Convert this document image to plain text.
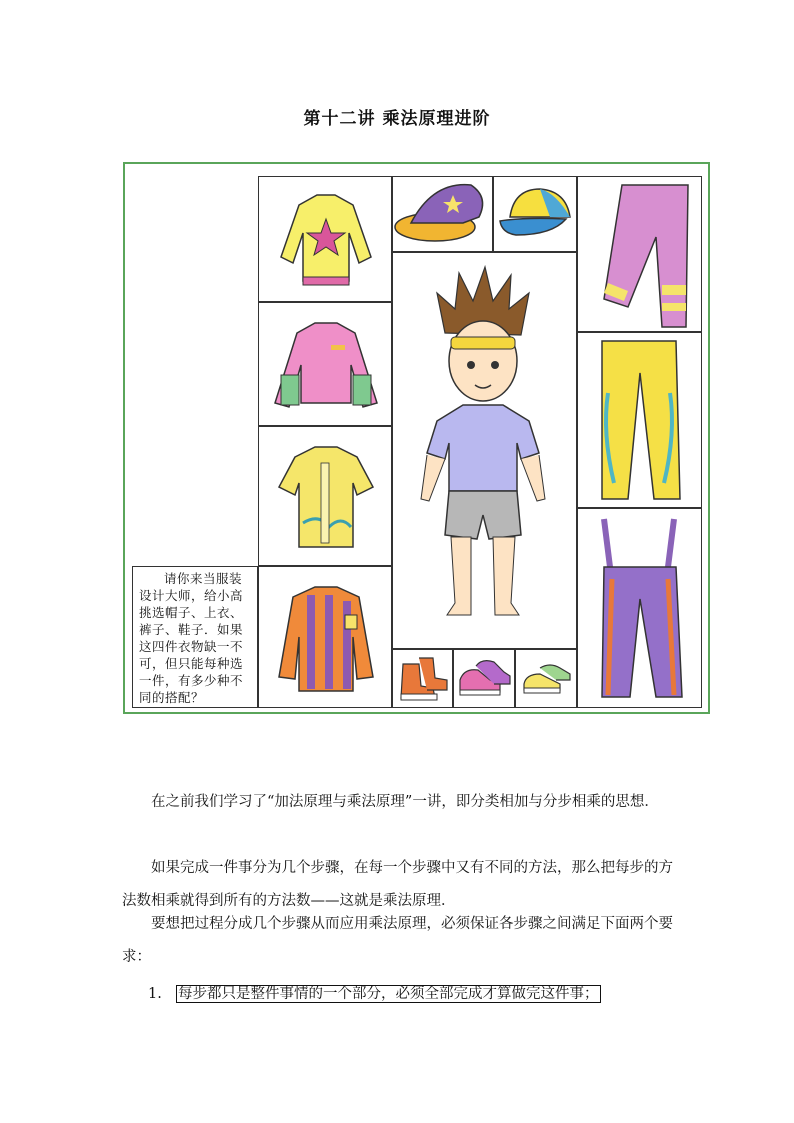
第十二讲 乘法原理进阶
请你来当服装设计大师，给小高挑选帽子、上衣、裤子、鞋子．如果这四件衣物缺一不可，但只能每种选一件，有多少种不同的搭配？
在之前我们学习了“加法原理与乘法原理”一讲，即分类相加与分步相乘的思想．
如果完成一件事分为几个步骤，在每一个步骤中又有不同的方法，那么把每步的方法数相乘就得到所有的方法数——这就是乘法原理．
要想把过程分成几个步骤从而应用乘法原理，必须保证各步骤之间满足下面两个要求：
1. 每步都只是整件事情的一个部分，必须全部完成才算做完这件事；
